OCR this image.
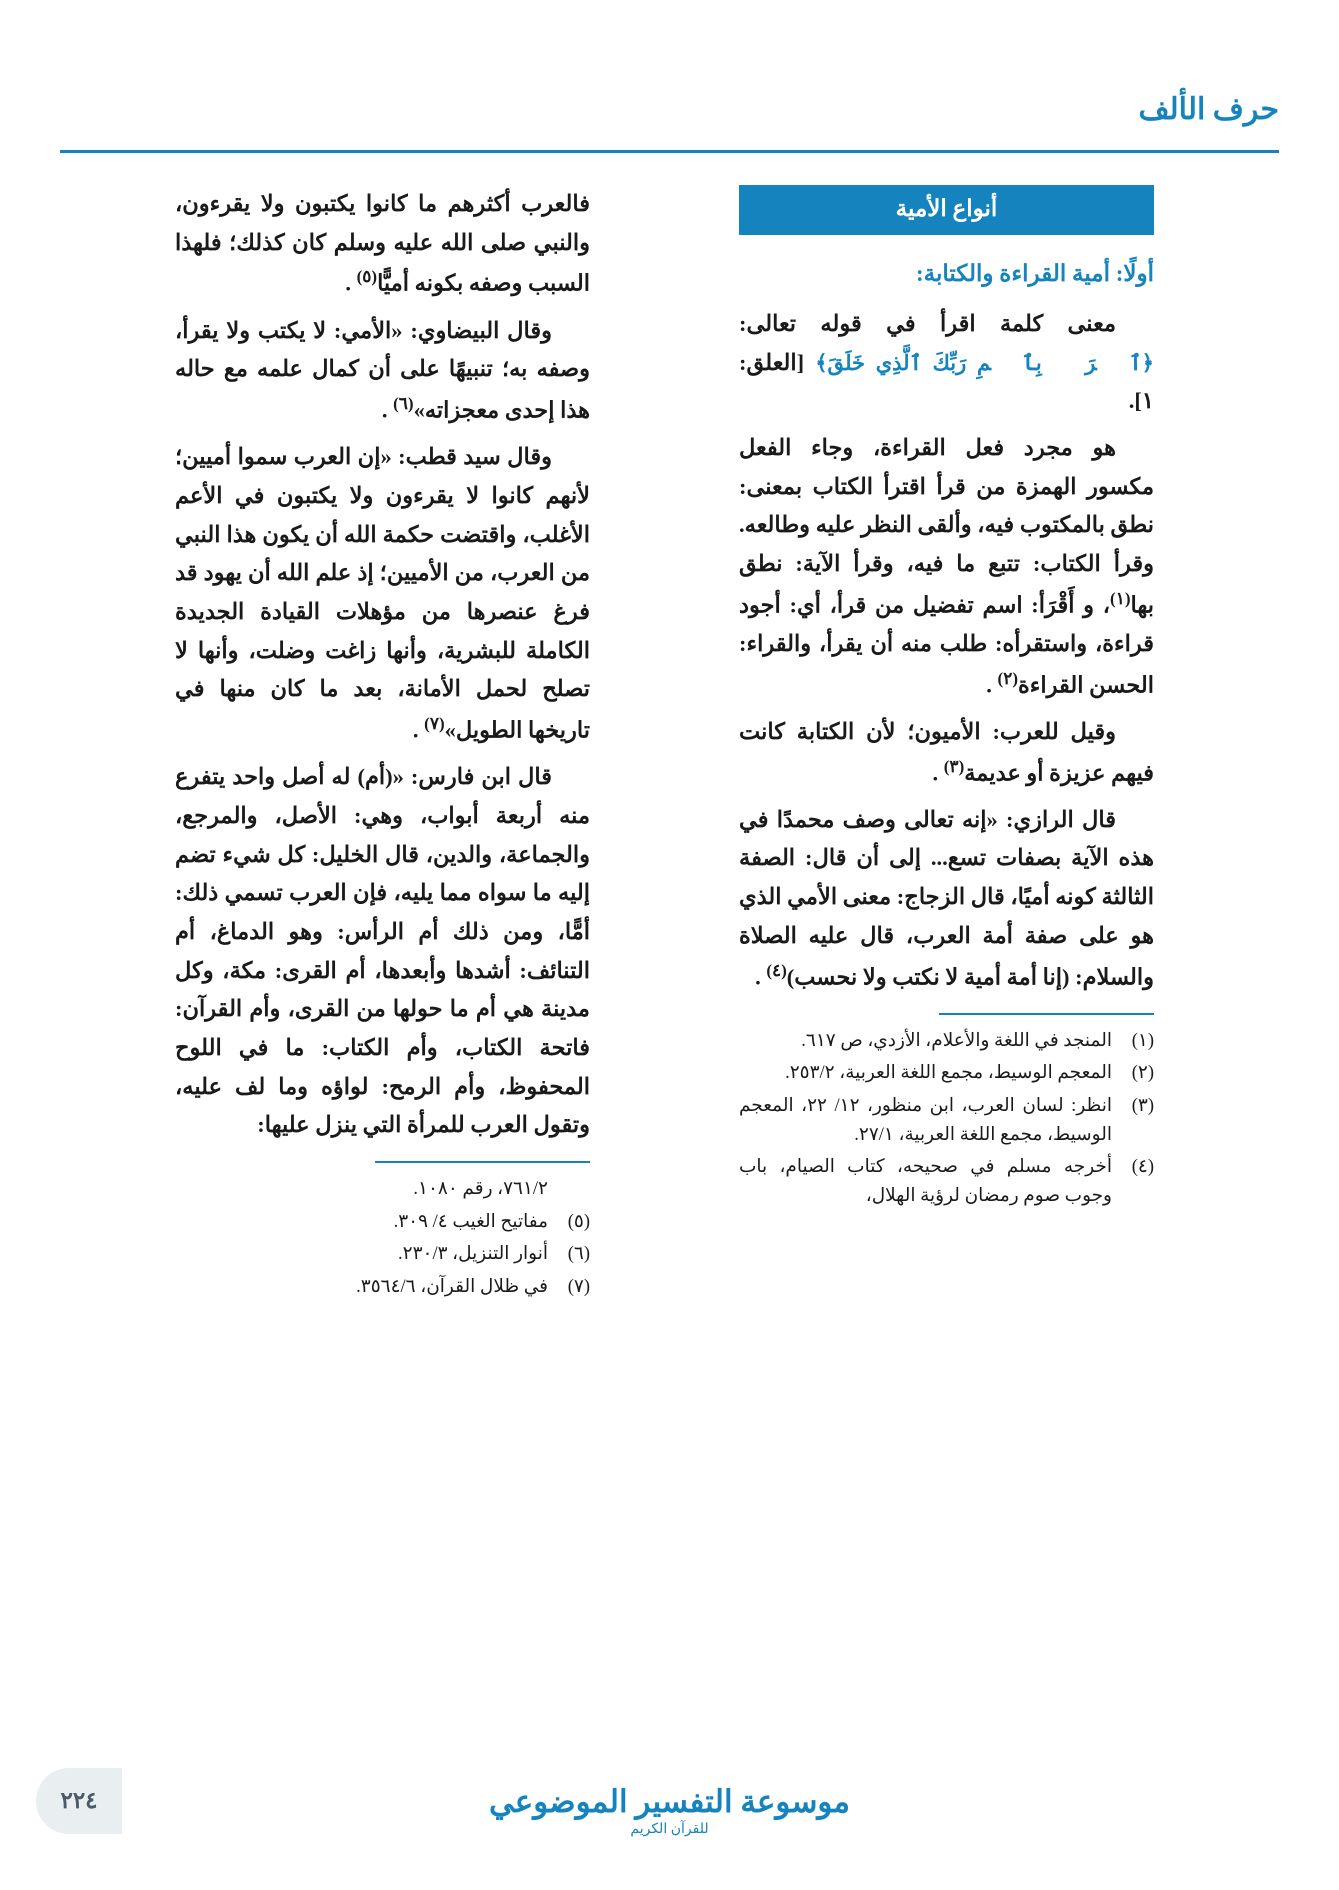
حرف الألف
أنواع الأمية
أولًا: أمية القراءة والكتابة:

معنى كلمة اقرأ في قوله تعالى: ﴿ٱقۡرَأۡ بِٱسۡمِ رَبِّكَ ٱلَّذِي خَلَقَ﴾ [العلق: ١].

هو مجرد فعل القراءة، وجاء الفعل مكسور الهمزة من قرأ اقترأ الكتاب بمعنى: نطق بالمكتوب فيه، وألقى النظر عليه وطالعه. وقرأ الكتاب: تتبع ما فيه، وقرأ الآية: نطق بها$^{(١)}$، و أَقْرَأ: اسم تفضيل من قرأ، أي: أجود قراءة، واستقرأه: طلب منه أن يقرأ، والقراء: الحسن القراءة$^{(٢)}$ .

وقيل للعرب: الأميون؛ لأن الكتابة كانت فيهم عزيزة أو عديمة$^{(٣)}$ .

قال الرازي: «إنه تعالى وصف محمدًا في هذه الآية بصفات تسع... إلى أن قال: الصفة الثالثة كونه أميًا، قال الزجاج: معنى الأمي الذي هو على صفة أمة العرب، قال عليه الصلاة والسلام: (إنا أمة أمية لا نكتب ولا نحسب)$^{(٤)}$ .

(١)
المنجد في اللغة والأعلام، الأزدي، ص ٦١٧.
(٢)
المعجم الوسيط، مجمع اللغة العربية، ٢٥٣/٢.
(٣)
انظر: لسان العرب، ابن منظور، ١٢/ ٢٢، المعجم الوسيط، مجمع اللغة العربية، ٢٧/١.
(٤)
أخرجه مسلم في صحيحه، كتاب الصيام، باب وجوب صوم رمضان لرؤية الهلال،

فالعرب أكثرهم ما كانوا يكتبون ولا يقرءون، والنبي صلى الله عليه وسلم كان كذلك؛ فلهذا السبب وصفه بكونه أميًّا$^{(٥)}$ .

وقال البيضاوي: «الأمي: لا يكتب ولا يقرأ، وصفه به؛ تنبيهًا على أن كمال علمه مع حاله هذا إحدى معجزاته»$^{(٦)}$ .

وقال سيد قطب: «إن العرب سموا أميين؛ لأنهم كانوا لا يقرءون ولا يكتبون في الأعم الأغلب، واقتضت حكمة الله أن يكون هذا النبي من العرب، من الأميين؛ إذ علم الله أن يهود قد فرغ عنصرها من مؤهلات القيادة الجديدة الكاملة للبشرية، وأنها زاغت وضلت، وأنها لا تصلح لحمل الأمانة، بعد ما كان منها في تاريخها الطويل»$^{(٧)}$ .

قال ابن فارس: «(أم) له أصل واحد يتفرع منه أربعة أبواب، وهي: الأصل، والمرجع، والجماعة، والدين، قال الخليل: كل شيء تضم إليه ما سواه مما يليه، فإن العرب تسمي ذلك: أمًّا، ومن ذلك أم الرأس: وهو الدماغ، أم التنائف: أشدها وأبعدها، أم القرى: مكة، وكل مدينة هي أم ما حولها من القرى، وأم القرآن: فاتحة الكتاب، وأم الكتاب: ما في اللوح المحفوظ، وأم الرمح: لواؤه وما لف عليه، وتقول العرب للمرأة التي ينزل عليها:

٧٦١/٢، رقم ١٠٨٠.
(٥)
مفاتيح الغيب ٤/ ٣٠٩.
(٦)
أنوار التنزيل، ٢٣٠/٣.
(٧)
في ظلال القرآن، ٣٥٦٤/٦.
موسوعة التفسير الموضوعي
للقرآن الكريم
٢٢٤
